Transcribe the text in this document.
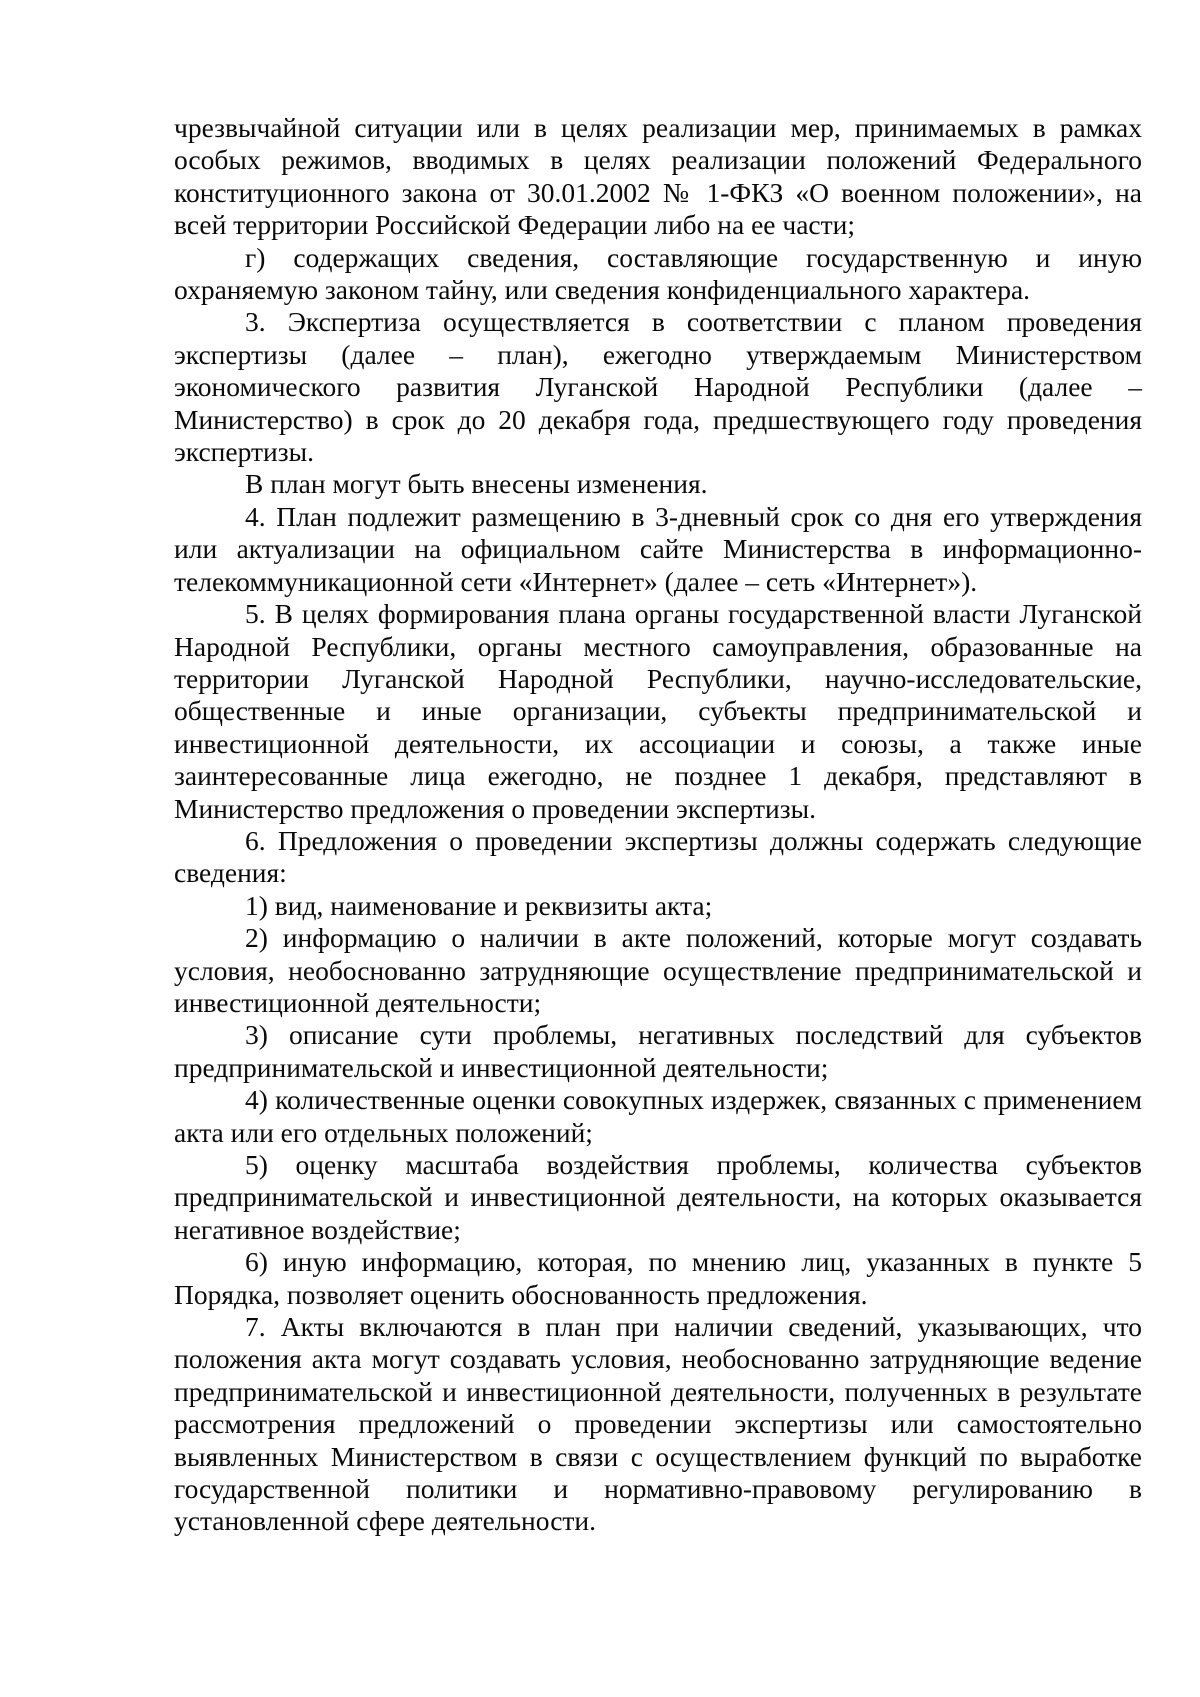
чрезвычайной ситуации или в целях реализации мер, принимаемых в рамках особых режимов, вводимых в целях реализации положений Федерального конституционного закона от 30.01.2002 № 1-ФКЗ «О военном положении», на всей территории Российской Федерации либо на ее части;

г) содержащих сведения, составляющие государственную и иную охраняемую законом тайну, или сведения конфиденциального характера.

3. Экспертиза осуществляется в соответствии с планом проведения экспертизы (далее – план), ежегодно утверждаемым Министерством экономического развития Луганской Народной Республики (далее – Министерство) в срок до 20 декабря года, предшествующего году проведения экспертизы.

В план могут быть внесены изменения.

4. План подлежит размещению в 3-дневный срок со дня его утверждения или актуализации на официальном сайте Министерства в информационно-телекоммуникационной сети «Интернет» (далее – сеть «Интернет»).

5. В целях формирования плана органы государственной власти Луганской Народной Республики, органы местного самоуправления, образованные на территории Луганской Народной Республики, научно-исследовательские, общественные и иные организации, субъекты предпринимательской и инвестиционной деятельности, их ассоциации и союзы, а также иные заинтересованные лица ежегодно, не позднее 1 декабря, представляют в Министерство предложения о проведении экспертизы.

6. Предложения о проведении экспертизы должны содержать следующие сведения:

1) вид, наименование и реквизиты акта;

2) информацию о наличии в акте положений, которые могут создавать условия, необоснованно затрудняющие осуществление предпринимательской и инвестиционной деятельности;

3) описание сути проблемы, негативных последствий для субъектов предпринимательской и инвестиционной деятельности;

4) количественные оценки совокупных издержек, связанных с применением акта или его отдельных положений;

5) оценку масштаба воздействия проблемы, количества субъектов предпринимательской и инвестиционной деятельности, на которых оказывается негативное воздействие;

6) иную информацию, которая, по мнению лиц, указанных в пункте 5 Порядка, позволяет оценить обоснованность предложения.

7. Акты включаются в план при наличии сведений, указывающих, что положения акта могут создавать условия, необоснованно затрудняющие ведение предпринимательской и инвестиционной деятельности, полученных в результате рассмотрения предложений о проведении экспертизы или самостоятельно выявленных Министерством в связи с осуществлением функций по выработке государственной политики и нормативно-правовому регулированию в установленной сфере деятельности.
